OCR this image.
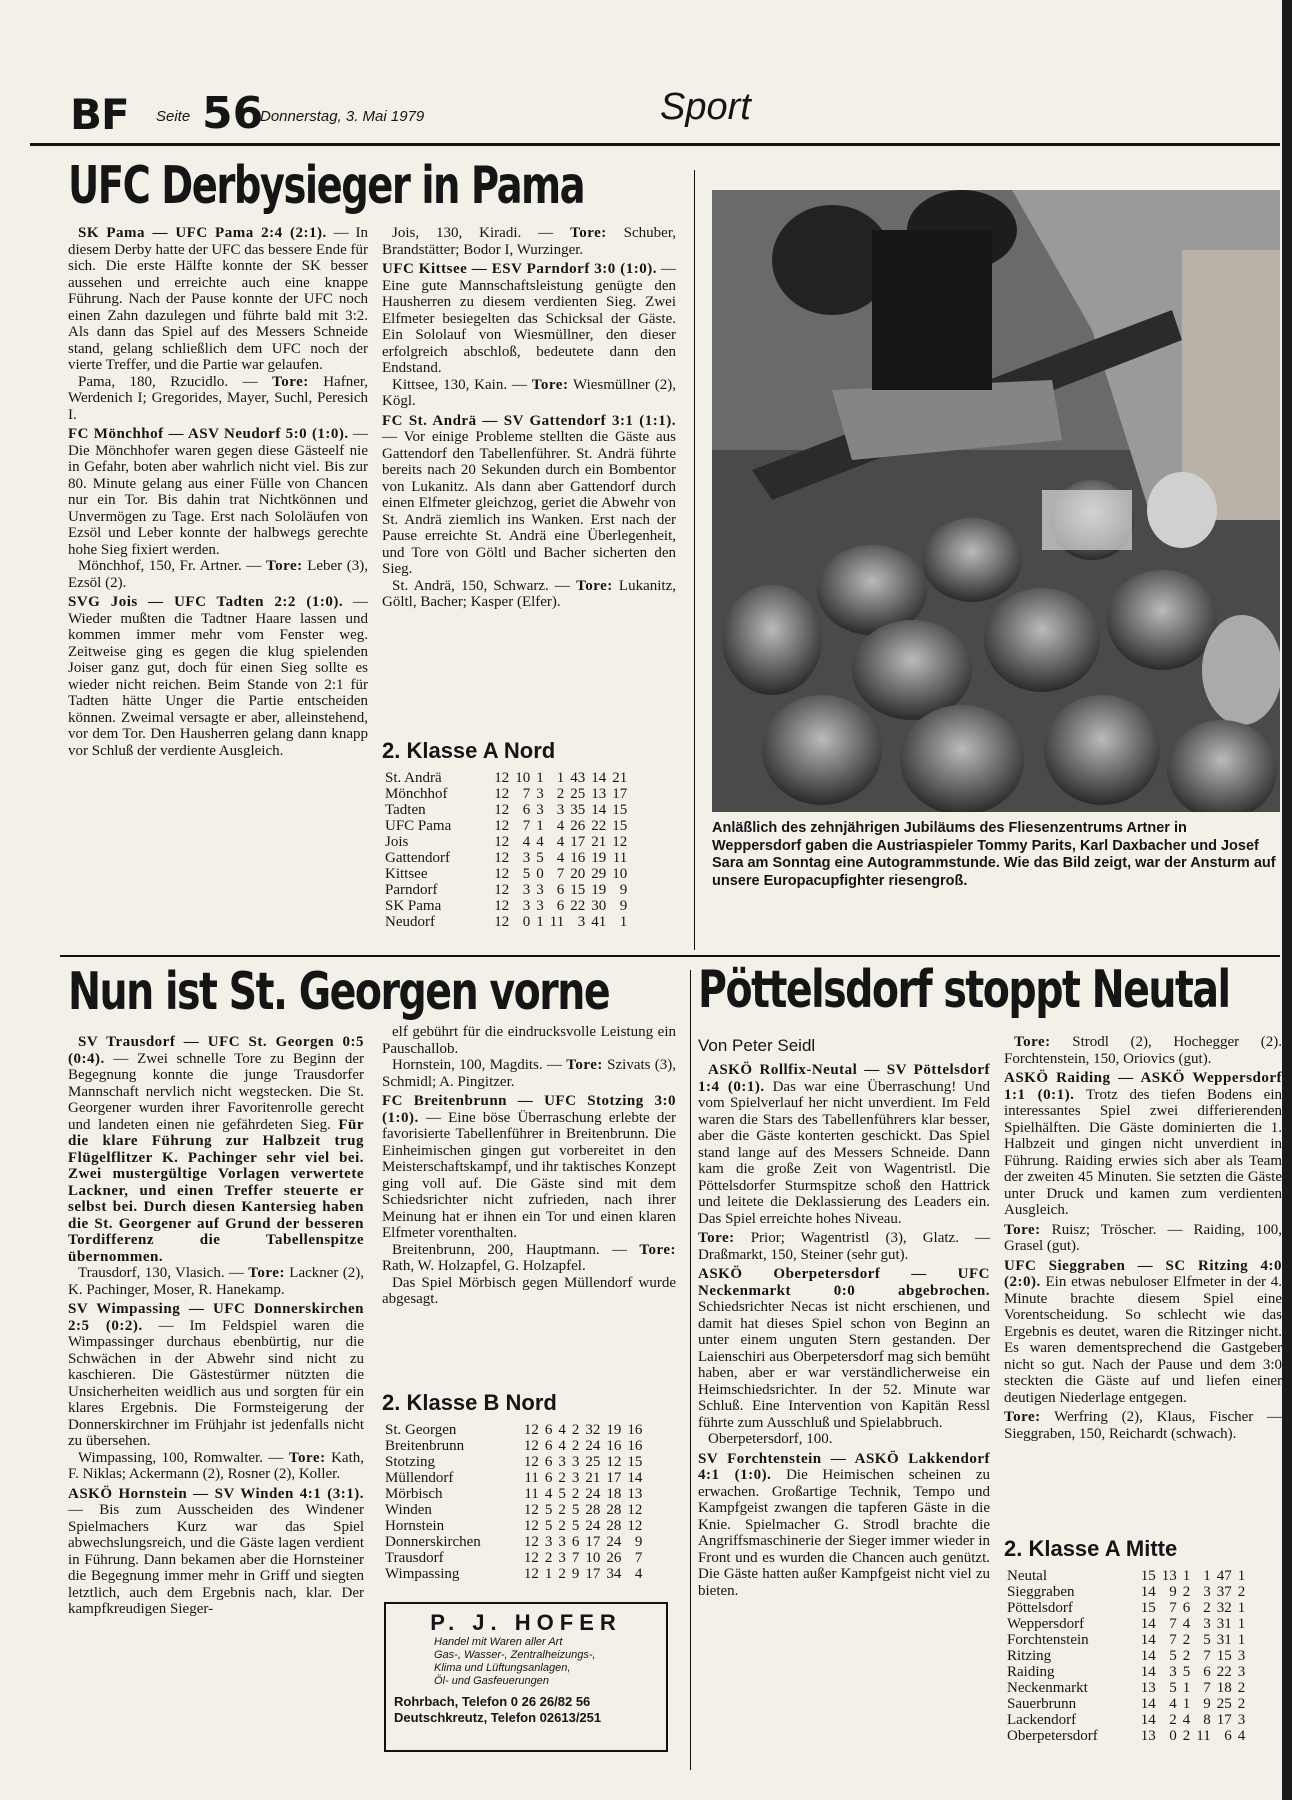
BF Seite 56
Donnerstag, 3. Mai 1979	Sport
UFC Derbysieger in Pama

SK Pama — UFC Pama 2:4 (2:1). — In diesem Derby hatte der UFC das bessere Ende für sich. Die erste Hälfte konnte der SK besser aussehen und erreichte auch eine knappe Führung. Nach der Pause konnte der UFC noch einen Zahn dazulegen und führte bald mit 3:2. Als dann das Spiel auf des Messers Schneide stand, gelang schließlich dem UFC noch der vierte Treffer, und die Partie war gelaufen.

Pama, 180, Rzucidlo. — Tore: Hafner, Werdenich I; Gregorides, Mayer, Suchl, Peresich I.

FC Mönchhof — ASV Neudorf 5:0 (1:0). — Die Mönchhofer waren gegen diese Gästeelf nie in Gefahr, boten aber wahrlich nicht viel. Bis zur 80. Minute gelang aus einer Fülle von Chancen nur ein Tor. Bis dahin trat Nichtkönnen und Unvermögen zu Tage. Erst nach Sololäufen von Ezsöl und Leber konnte der halbwegs gerechte hohe Sieg fixiert werden.

Mönchhof, 150, Fr. Artner. — Tore: Leber (3), Ezsöl (2).

SVG Jois — UFC Tadten 2:2 (1:0). — Wieder mußten die Tadtner Haare lassen und kommen immer mehr vom Fenster weg. Zeitweise ging es gegen die klug spielenden Joiser ganz gut, doch für einen Sieg sollte es wieder nicht reichen. Beim Stande von 2:1 für Tadten hätte Unger die Partie entscheiden können. Zweimal versagte er aber, alleinstehend, vor dem Tor. Den Hausherren gelang dann knapp vor Schluß der verdiente Ausgleich.

Jois, 130, Kiradi. — Tore: Schuber, Brandstätter; Bodor I, Wurzinger.

UFC Kittsee — ESV Parndorf 3:0 (1:0). — Eine gute Mannschaftsleistung genügte den Hausherren zu diesem verdienten Sieg. Zwei Elfmeter besiegelten das Schicksal der Gäste. Ein Sololauf von Wiesmüllner, den dieser erfolgreich abschloß, bedeutete dann den Endstand.

Kittsee, 130, Kain. — Tore: Wiesmüllner (2), Kögl.

FC St. Andrä — SV Gattendorf 3:1 (1:1). — Vor einige Probleme stellten die Gäste aus Gattendorf den Tabellenführer. St. Andrä führte bereits nach 20 Sekunden durch ein Bombentor von Lukanitz. Als dann aber Gattendorf durch einen Elfmeter gleichzog, geriet die Abwehr von St. Andrä ziemlich ins Wanken. Erst nach der Pause erreichte St. Andrä eine Überlegenheit, und Tore von Göltl und Bacher sicherten den Sieg.

St. Andrä, 150, Schwarz. — Tore: Lukanitz, Göltl, Bacher; Kasper (Elfer).

2. Klasse A Nord
St. Andrä	12	10	1	1	43	14	21
Mönchhof	12	7	3	2	25	13	17
Tadten	12	6	3	3	35	14	15
UFC Pama	12	7	1	4	26	22	15
Jois	12	4	4	4	17	21	12
Gattendorf	12	3	5	4	16	19	11
Kittsee	12	5	0	7	20	29	10
Parndorf	12	3	3	6	15	19	9
SK Pama	12	3	3	6	22	30	9
Neudorf	12	0	1	11	3	41	1
Anläßlich des zehnjährigen Jubiläums des Fliesenzentrums Artner in Weppersdorf gaben die Austriaspieler Tommy Parits, Karl Daxbacher und Josef Sara am Sonntag eine Autogrammstunde. Wie das Bild zeigt, war der Ansturm auf unsere Europacupfighter riesengroß.
Nun ist St. Georgen vorne

SV Trausdorf — UFC St. Georgen 0:5 (0:4). — Zwei schnelle Tore zu Beginn der Begegnung konnte die junge Trausdorfer Mannschaft nervlich nicht wegstecken. Die St. Georgener wurden ihrer Favoritenrolle gerecht und landeten einen nie gefährdeten Sieg. Für die klare Führung zur Halbzeit trug Flügelflitzer K. Pachinger sehr viel bei. Zwei mustergültige Vorlagen verwertete Lackner, und einen Treffer steuerte er selbst bei. Durch diesen Kantersieg haben die St. Georgener auf Grund der besseren Tordifferenz die Tabellenspitze übernommen.

Trausdorf, 130, Vlasich. — Tore: Lackner (2), K. Pachinger, Moser, R. Hanekamp.

SV Wimpassing — UFC Donnerskirchen 2:5 (0:2). — Im Feldspiel waren die Wimpassinger durchaus ebenbürtig, nur die Schwächen in der Abwehr sind nicht zu kaschieren. Die Gästestürmer nützten die Unsicherheiten weidlich aus und sorgten für ein klares Ergebnis. Die Formsteigerung der Donnerskirchner im Frühjahr ist jedenfalls nicht zu übersehen.

Wimpassing, 100, Romwalter. — Tore: Kath, F. Niklas; Ackermann (2), Rosner (2), Koller.

ASKÖ Hornstein — SV Winden 4:1 (3:1). — Bis zum Ausscheiden des Windener Spielmachers Kurz war das Spiel abwechslungsreich, und die Gäste lagen verdient in Führung. Dann bekamen aber die Hornsteiner die Begegnung immer mehr in Griff und siegten letztlich, auch dem Ergebnis nach, klar. Der kampfkreudigen Sieger-

elf gebührt für die eindrucksvolle Leistung ein Pauschallob.

Hornstein, 100, Magdits. — Tore: Szivats (3), Schmidl; A. Pingitzer.

FC Breitenbrunn — UFC Stotzing 3:0 (1:0). — Eine böse Überraschung erlebte der favorisierte Tabellenführer in Breitenbrunn. Die Einheimischen gingen gut vorbereitet in den Meisterschaftskampf, und ihr taktisches Konzept ging voll auf. Die Gäste sind mit dem Schiedsrichter nicht zufrieden, nach ihrer Meinung hat er ihnen ein Tor und einen klaren Elfmeter vorenthalten.

Breitenbrunn, 200, Hauptmann. — Tore: Rath, W. Holzapfel, G. Holzapfel.

Das Spiel Mörbisch gegen Müllendorf wurde abgesagt.

2. Klasse B Nord
St. Georgen	12	6	4	2	32	19	16
Breitenbrunn	12	6	4	2	24	16	16
Stotzing	12	6	3	3	25	12	15
Müllendorf	11	6	2	3	21	17	14
Mörbisch	11	4	5	2	24	18	13
Winden	12	5	2	5	28	28	12
Hornstein	12	5	2	5	24	28	12
Donnerskirchen	12	3	3	6	17	24	9
Trausdorf	12	2	3	7	10	26	7
Wimpassing	12	1	2	9	17	34	4
P. J. HOFER
Handel mit Waren aller Art
Gas-, Wasser-, Zentralheizungs-,
Klima und Lüftungsanlagen,
Öl- und Gasfeuerungen
Rohrbach, Telefon 0 26 26/82 56
Deutschkreutz, Telefon 02613/251
Pöttelsdorf stoppt Neutal
Von Peter Seidl

ASKÖ Rollfix-Neutal — SV Pöttelsdorf 1:4 (0:1). Das war eine Überraschung! Und vom Spielverlauf her nicht unverdient. Im Feld waren die Stars des Tabellenführers klar besser, aber die Gäste konterten geschickt. Das Spiel stand lange auf des Messers Schneide. Dann kam die große Zeit von Wagentristl. Die Pöttelsdorfer Sturmspitze schoß den Hattrick und leitete die Deklassierung des Leaders ein. Das Spiel erreichte hohes Niveau.

Tore: Prior; Wagentristl (3), Glatz. — Draßmarkt, 150, Steiner (sehr gut).

ASKÖ Oberpetersdorf — UFC Neckenmarkt 0:0 abgebrochen. Schiedsrichter Necas ist nicht erschienen, und damit hat dieses Spiel schon von Beginn an unter einem unguten Stern gestanden. Der Laienschiri aus Oberpetersdorf mag sich bemüht haben, aber er war verständlicherweise ein Heimschiedsrichter. In der 52. Minute war Schluß. Eine Intervention von Kapitän Ressl führte zum Ausschluß und Spielabbruch.

Oberpetersdorf, 100.

SV Forchtenstein — ASKÖ Lakkendorf 4:1 (1:0). Die Heimischen scheinen zu erwachen. Großartige Technik, Tempo und Kampfgeist zwangen die tapferen Gäste in die Knie. Spielmacher G. Strodl brachte die Angriffsmaschinerie der Sieger immer wieder in Front und es wurden die Chancen auch genützt. Die Gäste hatten außer Kampfgeist nicht viel zu bieten.

Tore: Strodl (2), Hochegger (2). Forchtenstein, 150, Oriovics (gut).

ASKÖ Raiding — ASKÖ Weppersdorf 1:1 (0:1). Trotz des tiefen Bodens ein interessantes Spiel zwei differierenden Spielhälften. Die Gäste dominierten die 1. Halbzeit und gingen nicht unverdient in Führung. Raiding erwies sich aber als Team der zweiten 45 Minuten. Sie setzten die Gäste unter Druck und kamen zum verdienten Ausgleich.

Tore: Ruisz; Tröscher. — Raiding, 100, Grasel (gut).

UFC Sieggraben — SC Ritzing 4:0 (2:0). Ein etwas nebuloser Elfmeter in der 4. Minute brachte diesem Spiel eine Vorentscheidung. So schlecht wie das Ergebnis es deutet, waren die Ritzinger nicht. Es waren dementsprechend die Gastgeber nicht so gut. Nach der Pause und dem 3:0 steckten die Gäste auf und liefen einer deutigen Niederlage entgegen.

Tore: Werfring (2), Klaus, Fischer — Sieggraben, 150, Reichardt (schwach).

2. Klasse A Mitte
Neutal	15	13	1	1	47	1
Sieggraben	14	9	2	3	37	2
Pöttelsdorf	15	7	6	2	32	1
Weppersdorf	14	7	4	3	31	1
Forchtenstein	14	7	2	5	31	1
Ritzing	14	5	2	7	15	3
Raiding	14	3	5	6	22	3
Neckenmarkt	13	5	1	7	18	2
Sauerbrunn	14	4	1	9	25	2
Lackendorf	14	2	4	8	17	3
Oberpetersdorf	13	0	2	11	6	4
